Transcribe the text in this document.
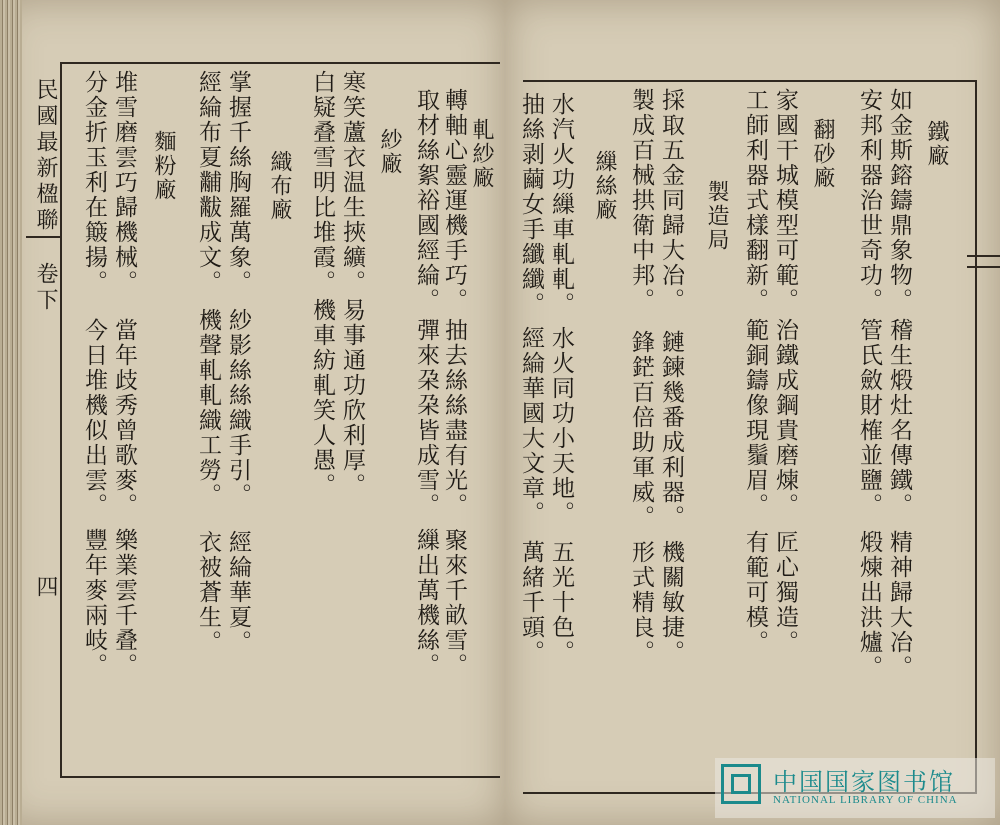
民國最新楹聯
卷下
四
軋紗廠
轉軸心靈運機手巧。
取材絲絮裕國經綸。
抽去絲絲盡有光。
彈來朶朶皆成雪。
聚來千畝雪。
繅出萬機絲。
紗廠
易事通功欣利厚。
機車紡軋笑人愚。
寒笑蘆衣温生挾纊。
白疑叠雪明比堆霞。
織布廠
紗影絲絲織手引。
機聲軋軋織工勞。
經綸華夏。
衣被蒼生。
掌握千絲胸羅萬象。
經綸布夏黼黻成文。
麵粉廠
當年歧秀曾歌麥。
今日堆機似出雲。
樂業雲千叠。
豐年麥兩岐。
堆雪磨雲巧歸機械。
分金折玉利在簸揚。	鐵廠
如金斯鎔鑄鼎象物。
安邦利器治世奇功。
稽生煅灶名傳鐵。
管氏斂財榷並鹽。
精神歸大冶。
煅煉出洪爐。
家國干城模型可範。
工師利器式樣翻新。 翻砂廠
治鐵成鋼貴磨煉。
範銅鑄像現鬚眉。
匠心獨造。
有範可模。
製造局
採取五金同歸大冶。
製成百械拱衛中邦。
鏈鍊幾番成利器。
鋒鋩百倍助軍威。
機關敏捷。
形式精良。
繅絲廠
水汽火功繅車軋軋。
抽絲剥繭女手纖纖。
水火同功小天地。
經綸華國大文章。
五光十色。
萬緒千頭。
中国国家图书馆
NATIONAL LIBRARY OF CHINA
